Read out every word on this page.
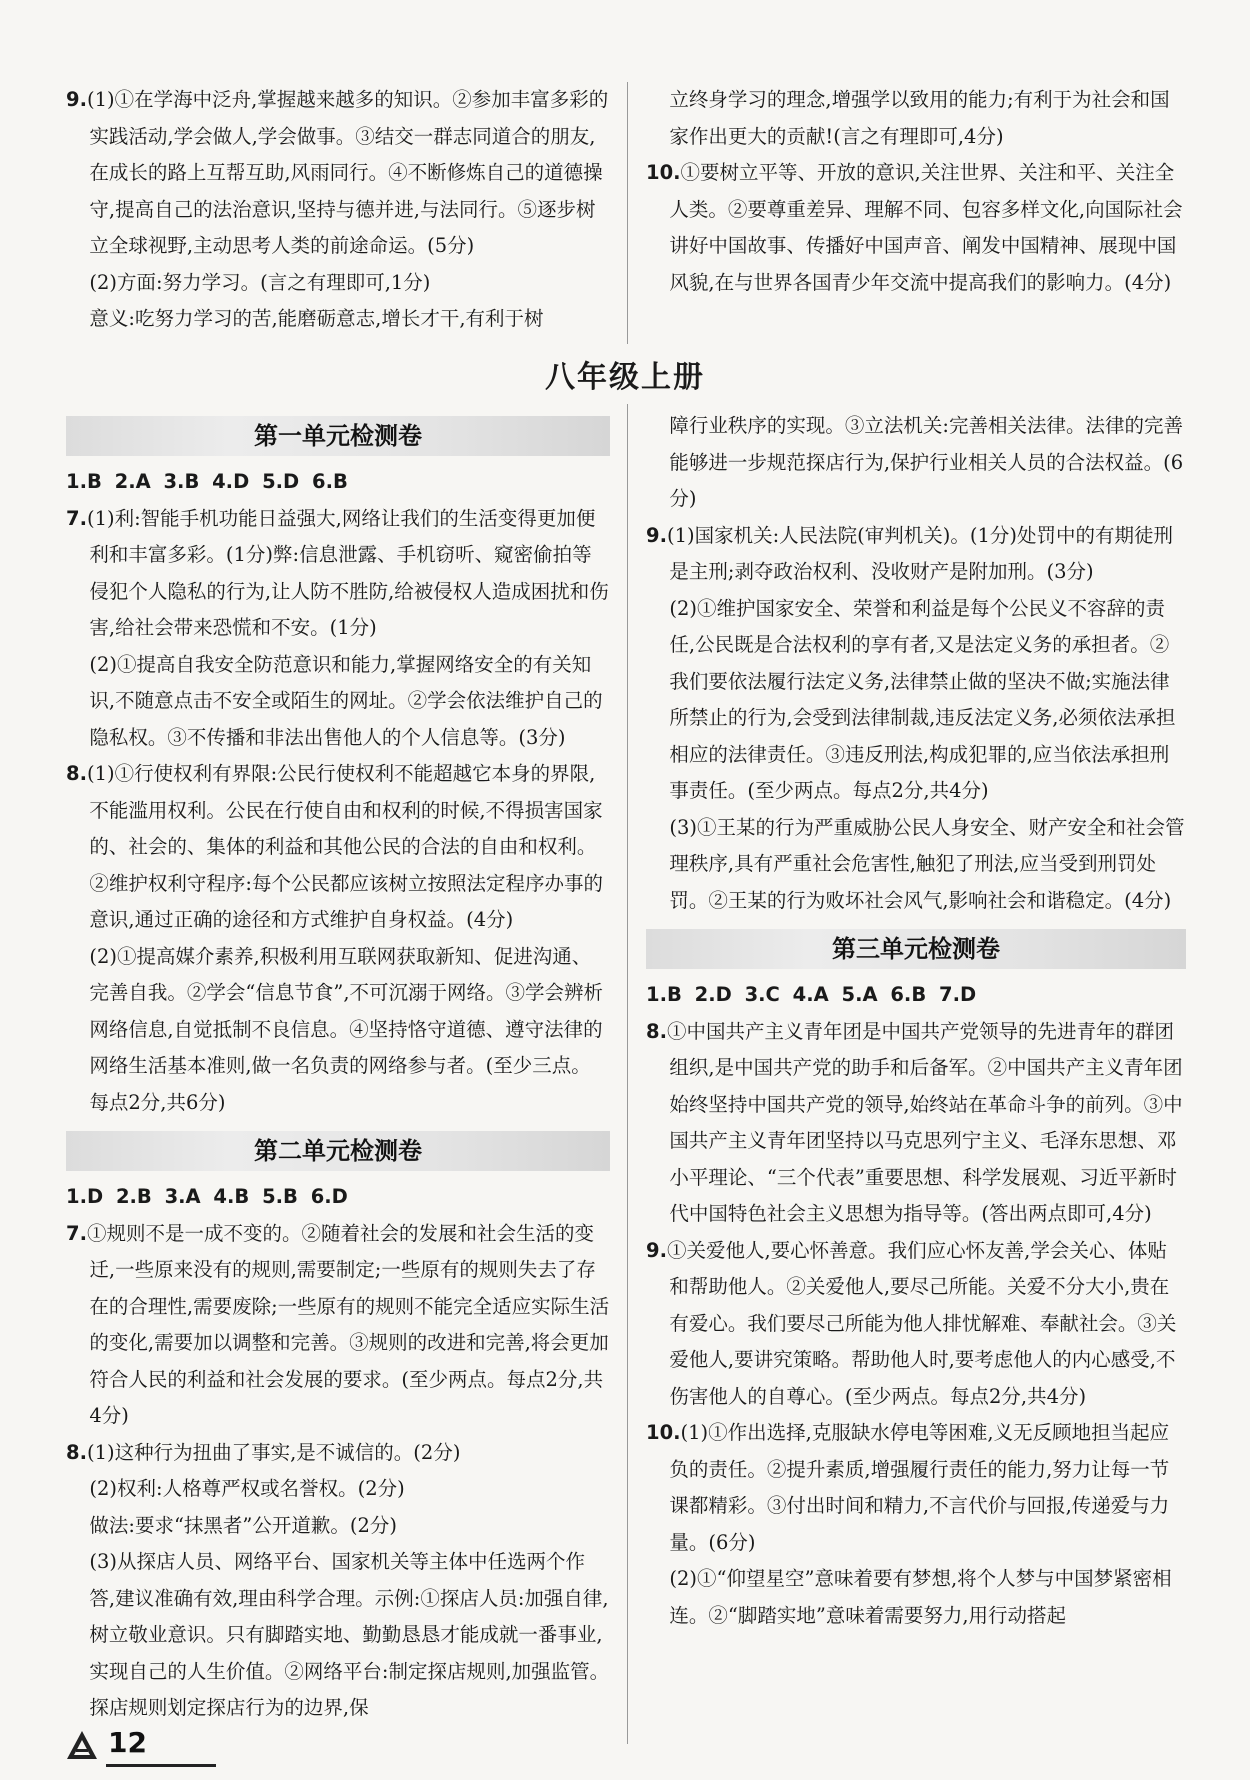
9.(1)①在学海中泛舟,掌握越来越多的知识。②参加丰富多彩的实践活动,学会做人,学会做事。③结交一群志同道合的朋友,在成长的路上互帮互助,风雨同行。④不断修炼自己的道德操守,提高自己的法治意识,坚持与德并进,与法同行。⑤逐步树立全球视野,主动思考人类的前途命运。(5分)

(2)方面:努力学习。(言之有理即可,1分)

意义:吃努力学习的苦,能磨砺意志,增长才干,有利于树

立终身学习的理念,增强学以致用的能力;有利于为社会和国家作出更大的贡献!(言之有理即可,4分)

10.①要树立平等、开放的意识,关注世界、关注和平、关注全人类。②要尊重差异、理解不同、包容多样文化,向国际社会讲好中国故事、传播好中国声音、阐发中国精神、展现中国风貌,在与世界各国青少年交流中提高我们的影响力。(4分)

八年级上册
第一单元检测卷

1.B 2.A 3.B 4.D 5.D 6.B

7.(1)利:智能手机功能日益强大,网络让我们的生活变得更加便利和丰富多彩。(1分)弊:信息泄露、手机窃听、窥密偷拍等侵犯个人隐私的行为,让人防不胜防,给被侵权人造成困扰和伤害,给社会带来恐慌和不安。(1分)

(2)①提高自我安全防范意识和能力,掌握网络安全的有关知识,不随意点击不安全或陌生的网址。②学会依法维护自己的隐私权。③不传播和非法出售他人的个人信息等。(3分)

8.(1)①行使权利有界限:公民行使权利不能超越它本身的界限,不能滥用权利。公民在行使自由和权利的时候,不得损害国家的、社会的、集体的利益和其他公民的合法的自由和权利。②维护权利守程序:每个公民都应该树立按照法定程序办事的意识,通过正确的途径和方式维护自身权益。(4分)

(2)①提高媒介素养,积极利用互联网获取新知、促进沟通、完善自我。②学会“信息节食”,不可沉溺于网络。③学会辨析网络信息,自觉抵制不良信息。④坚持恪守道德、遵守法律的网络生活基本准则,做一名负责的网络参与者。(至少三点。每点2分,共6分)

第二单元检测卷

1.D 2.B 3.A 4.B 5.B 6.D

7.①规则不是一成不变的。②随着社会的发展和社会生活的变迁,一些原来没有的规则,需要制定;一些原有的规则失去了存在的合理性,需要废除;一些原有的规则不能完全适应实际生活的变化,需要加以调整和完善。③规则的改进和完善,将会更加符合人民的利益和社会发展的要求。(至少两点。每点2分,共4分)

8.(1)这种行为扭曲了事实,是不诚信的。(2分)

(2)权利:人格尊严权或名誉权。(2分)

做法:要求“抹黑者”公开道歉。(2分)

(3)从探店人员、网络平台、国家机关等主体中任选两个作答,建议准确有效,理由科学合理。示例:①探店人员:加强自律,树立敬业意识。只有脚踏实地、勤勤恳恳才能成就一番事业,实现自己的人生价值。②网络平台:制定探店规则,加强监管。探店规则划定探店行为的边界,保

障行业秩序的实现。③立法机关:完善相关法律。法律的完善能够进一步规范探店行为,保护行业相关人员的合法权益。(6分)

9.(1)国家机关:人民法院(审判机关)。(1分)处罚中的有期徒刑是主刑;剥夺政治权利、没收财产是附加刑。(3分)

(2)①维护国家安全、荣誉和利益是每个公民义不容辞的责任,公民既是合法权利的享有者,又是法定义务的承担者。②我们要依法履行法定义务,法律禁止做的坚决不做;实施法律所禁止的行为,会受到法律制裁,违反法定义务,必须依法承担相应的法律责任。③违反刑法,构成犯罪的,应当依法承担刑事责任。(至少两点。每点2分,共4分)

(3)①王某的行为严重威胁公民人身安全、财产安全和社会管理秩序,具有严重社会危害性,触犯了刑法,应当受到刑罚处罚。②王某的行为败坏社会风气,影响社会和谐稳定。(4分)

第三单元检测卷

1.B 2.D 3.C 4.A 5.A 6.B 7.D

8.①中国共产主义青年团是中国共产党领导的先进青年的群团组织,是中国共产党的助手和后备军。②中国共产主义青年团始终坚持中国共产党的领导,始终站在革命斗争的前列。③中国共产主义青年团坚持以马克思列宁主义、毛泽东思想、邓小平理论、“三个代表”重要思想、科学发展观、习近平新时代中国特色社会主义思想为指导等。(答出两点即可,4分)

9.①关爱他人,要心怀善意。我们应心怀友善,学会关心、体贴和帮助他人。②关爱他人,要尽己所能。关爱不分大小,贵在有爱心。我们要尽己所能为他人排忧解难、奉献社会。③关爱他人,要讲究策略。帮助他人时,要考虑他人的内心感受,不伤害他人的自尊心。(至少两点。每点2分,共4分)

10.(1)①作出选择,克服缺水停电等困难,义无反顾地担当起应负的责任。②提升素质,增强履行责任的能力,努力让每一节课都精彩。③付出时间和精力,不言代价与回报,传递爱与力量。(6分)

(2)①“仰望星空”意味着要有梦想,将个人梦与中国梦紧密相连。②“脚踏实地”意味着需要努力,用行动搭起

12
